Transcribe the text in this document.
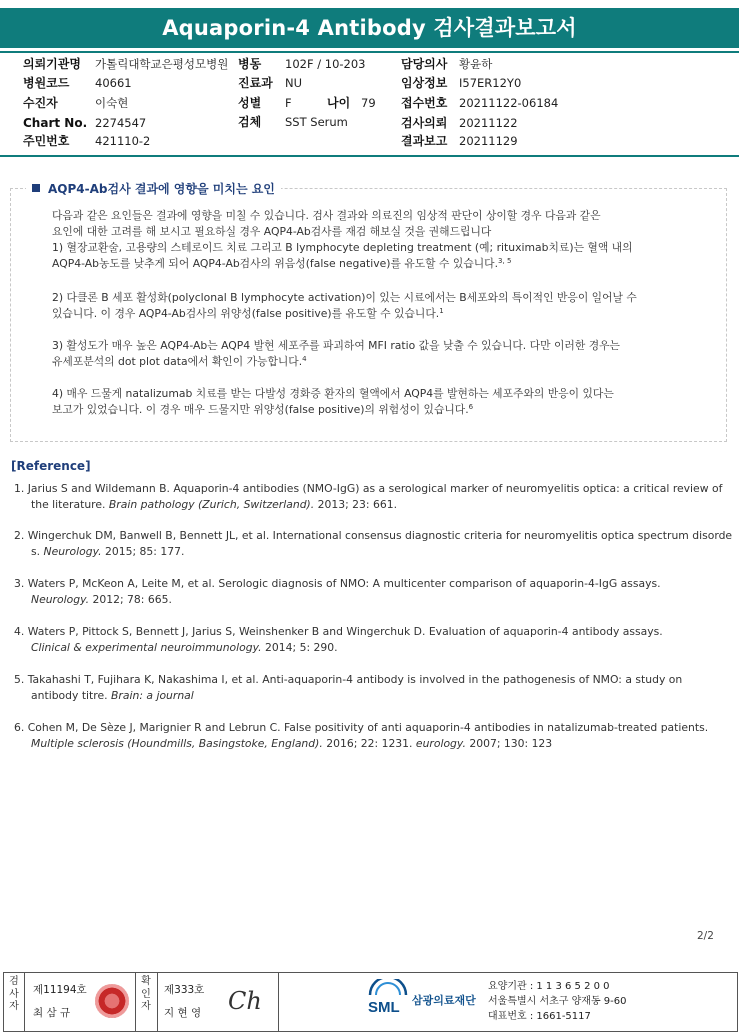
Aquaporin-4 Antibody 검사결과보고서
의뢰기관명 가톨릭대학교은평성모병원
병원코드 40661
수진자	이숙현
Chart No. 2274547
주민번호 421110-2
병동 102F / 10-203
진료과 NU
성별 F	나이 79
검체 SST Serum
담당의사 황윤하
임상정보 I57ER12Y0
접수번호 20211122-06184
검사의뢰 20211122
결과보고 20211129
AQP4-Ab검사 결과에 영향을 미치는 요인
다음과 같은 요인들은 결과에 영향을 미칠 수 있습니다. 검사 결과와 의료진의 임상적 판단이 상이할 경우 다음과 같은
요인에 대한 고려를 해 보시고 필요하실 경우 AQP4-Ab검사를 재검 해보실 것을 권해드립니다
1) 혈장교환술, 고용량의 스테로이드 치료 그리고 B lymphocyte depleting treatment (예; rituximab치료)는 혈액 내의
AQP4-Ab농도를 낮추게 되어 AQP4-Ab검사의 위음성(false negative)를 유도할 수 있습니다.$^{3, 5}$
2) 다클론 B 세포 활성화(polyclonal B lymphocyte activation)이 있는 시료에서는 B세포와의 특이적인 반응이 일어날 수
있습니다. 이 경우 AQP4-Ab검사의 위양성(false positive)를 유도할 수 있습니다.$^1$
3) 활성도가 매우 높은 AQP4-Ab는 AQP4 발현 세포주를 파괴하여 MFI ratio 값을 낮출 수 있습니다. 다만 이러한 경우는
유세포분석의 dot plot data에서 확인이 가능합니다.$^4$
4) 매우 드물게 natalizumab 치료를 받는 다발성 경화증 환자의 혈액에서 AQP4를 발현하는 세포주와의 반응이 있다는
보고가 있었습니다. 이 경우 매우 드물지만 위양성(false positive)의 위험성이 있습니다.$^6$
[Reference]
1. Jarius S and Wildemann B. Aquaporin-4 antibodies (NMO-IgG) as a serological marker of neuromyelitis optica: a critical review of
the literature. Brain pathology (Zurich, Switzerland). 2013; 23: 661.
2. Wingerchuk DM, Banwell B, Bennett JL, et al. International consensus diagnostic criteria for neuromyelitis optica spectrum disorde
s. Neurology. 2015; 85: 177.
3. Waters P, McKeon A, Leite M, et al. Serologic diagnosis of NMO: A multicenter comparison of aquaporin-4-IgG assays.
Neurology. 2012; 78: 665.
4. Waters P, Pittock S, Bennett J, Jarius S, Weinshenker B and Wingerchuk D. Evaluation of aquaporin-4 antibody assays.
Clinical & experimental neuroimmunology. 2014; 5: 290.
5. Takahashi T, Fujihara K, Nakashima I, et al. Anti-aquaporin-4 antibody is involved in the pathogenesis of NMO: a study on
antibody titre. Brain: a journal
6. Cohen M, De Sèze J, Marignier R and Lebrun C. False positivity of anti aquaporin-4 antibodies in natalizumab-treated patients.
Multiple sclerosis (Houndmills, Basingstoke, England). 2016; 22: 1231. eurology. 2007; 130: 123
2/2
검사자
제11194호
최 삼 규
확인자
제333호
지 현 영 Ch	SML 삼광의료재단
요양기관 : 1 1 3 6 5 2 0 0
서울특별시 서초구 양재동 9-60
대표번호 : 1661-5117
